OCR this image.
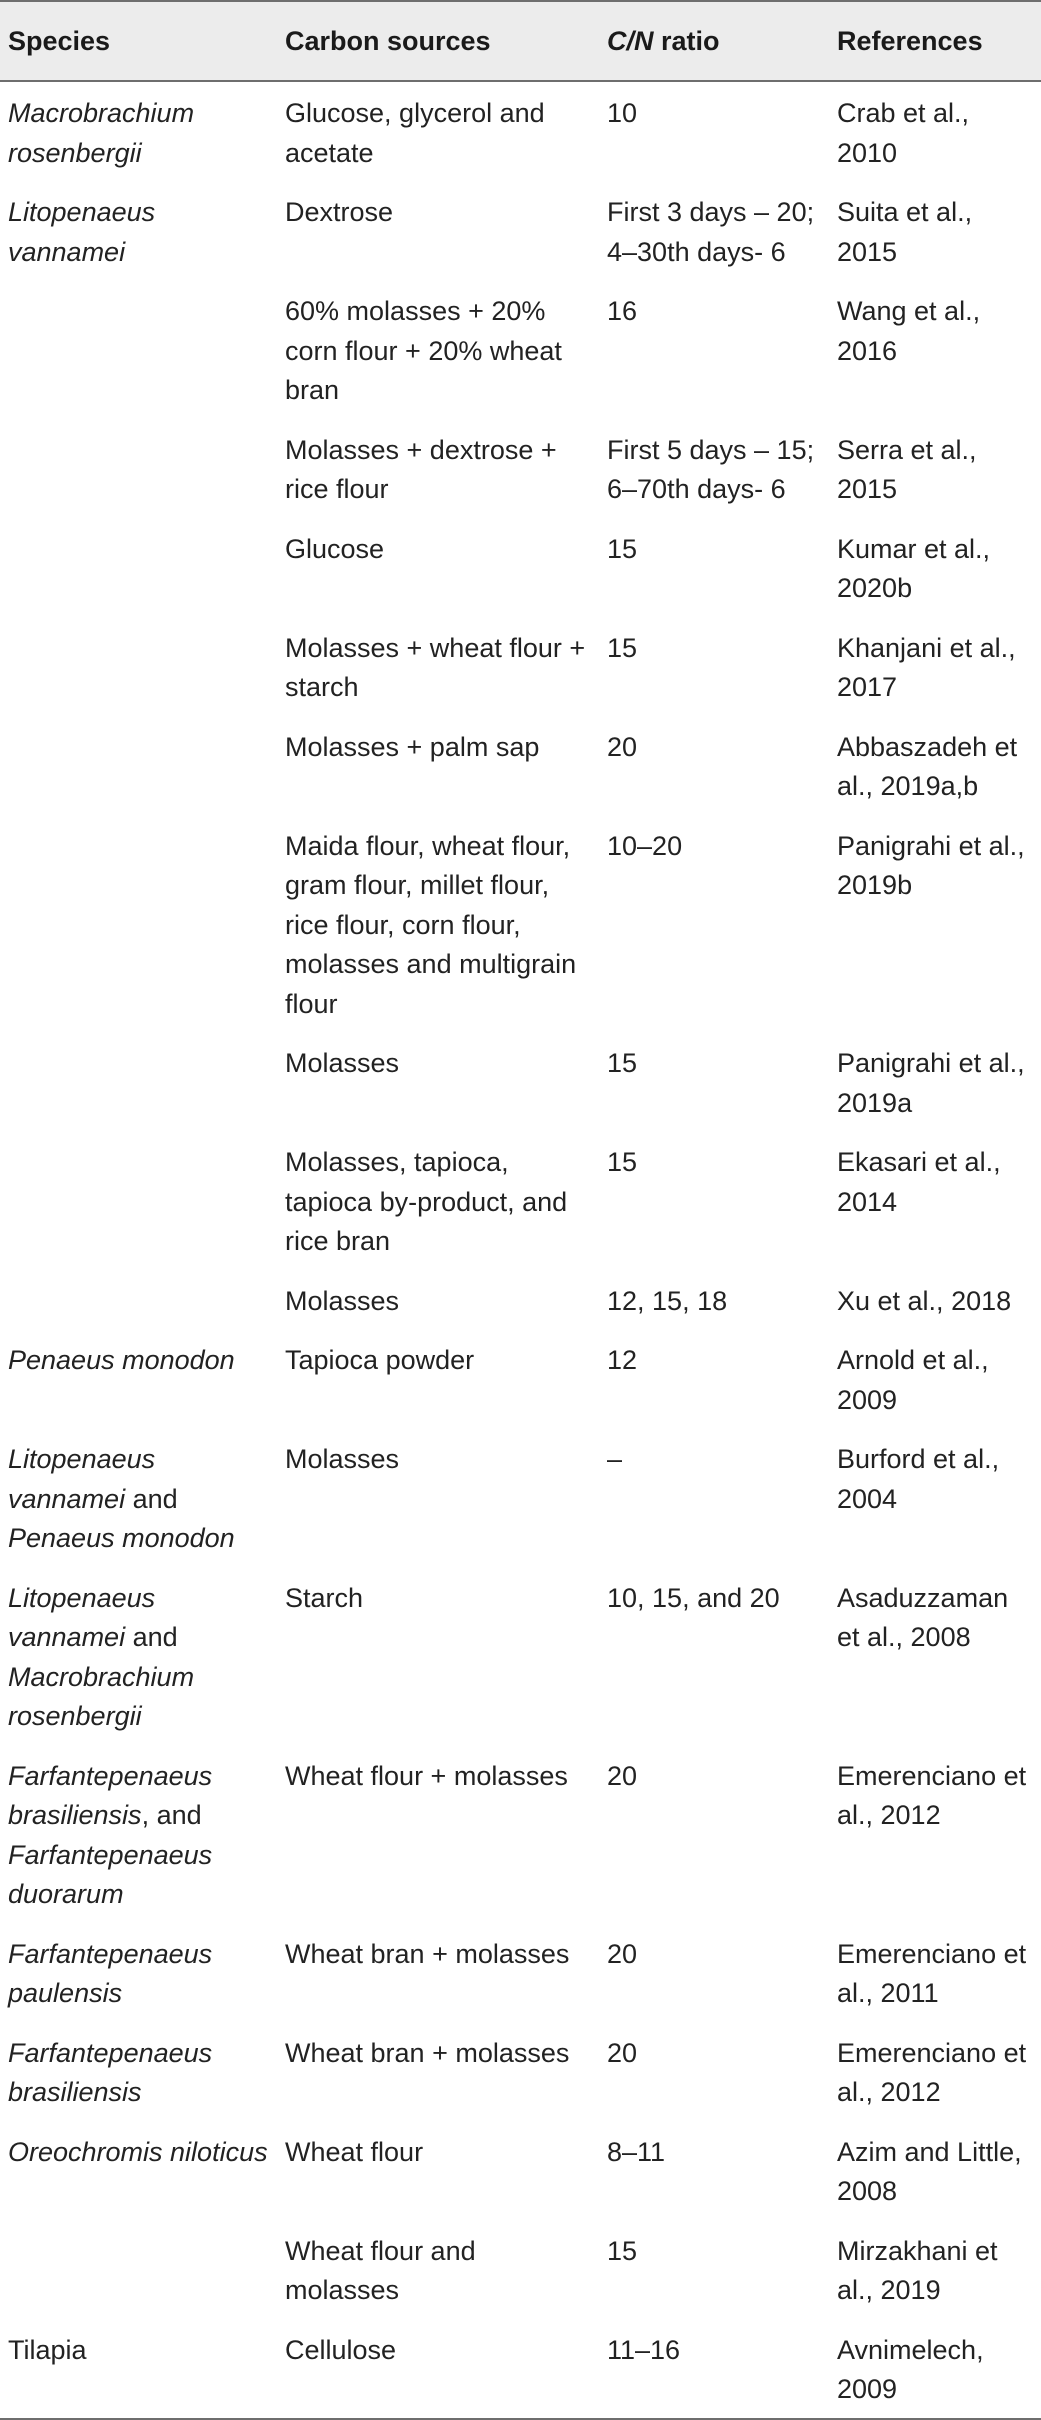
Species	Carbon sources	C/N ratio	References
Macrobrachium rosenbergii	Glucose, glycerol and acetate	10	Crab et al., 2010
Litopenaeus vannamei	Dextrose	First 3 days – 20; 4–30th days- 6	Suita et al., 2015
	60% molasses + 20% corn flour + 20% wheat bran	16	Wang et al., 2016
	Molasses + dextrose + rice flour	First 5 days – 15; 6–70th days- 6	Serra et al., 2015
	Glucose	15	Kumar et al., 2020b
	Molasses + wheat flour + starch	15	Khanjani et al., 2017
	Molasses + palm sap	20	Abbaszadeh et al., 2019a,b
	Maida flour, wheat flour, gram flour, millet flour, rice flour, corn flour, molasses and multigrain flour	10–20	Panigrahi et al., 2019b
	Molasses	15	Panigrahi et al., 2019a
	Molasses, tapioca, tapioca by-product, and rice bran	15	Ekasari et al., 2014
	Molasses	12, 15, 18	Xu et al., 2018
Penaeus monodon	Tapioca powder	12	Arnold et al., 2009
Litopenaeus vannamei and Penaeus monodon	Molasses	–	Burford et al., 2004
Litopenaeus vannamei and Macrobrachium rosenbergii	Starch	10, 15, and 20	Asaduzzaman et al., 2008
Farfantepenaeus brasiliensis, and Farfantepenaeus duorarum	Wheat flour + molasses	20	Emerenciano et al., 2012
Farfantepenaeus paulensis	Wheat bran + molasses	20	Emerenciano et al., 2011
Farfantepenaeus brasiliensis	Wheat bran + molasses	20	Emerenciano et al., 2012
Oreochromis niloticus	Wheat flour	8–11	Azim and Little, 2008
	Wheat flour and molasses	15	Mirzakhani et al., 2019
Tilapia	Cellulose	11–16	Avnimelech, 2009
